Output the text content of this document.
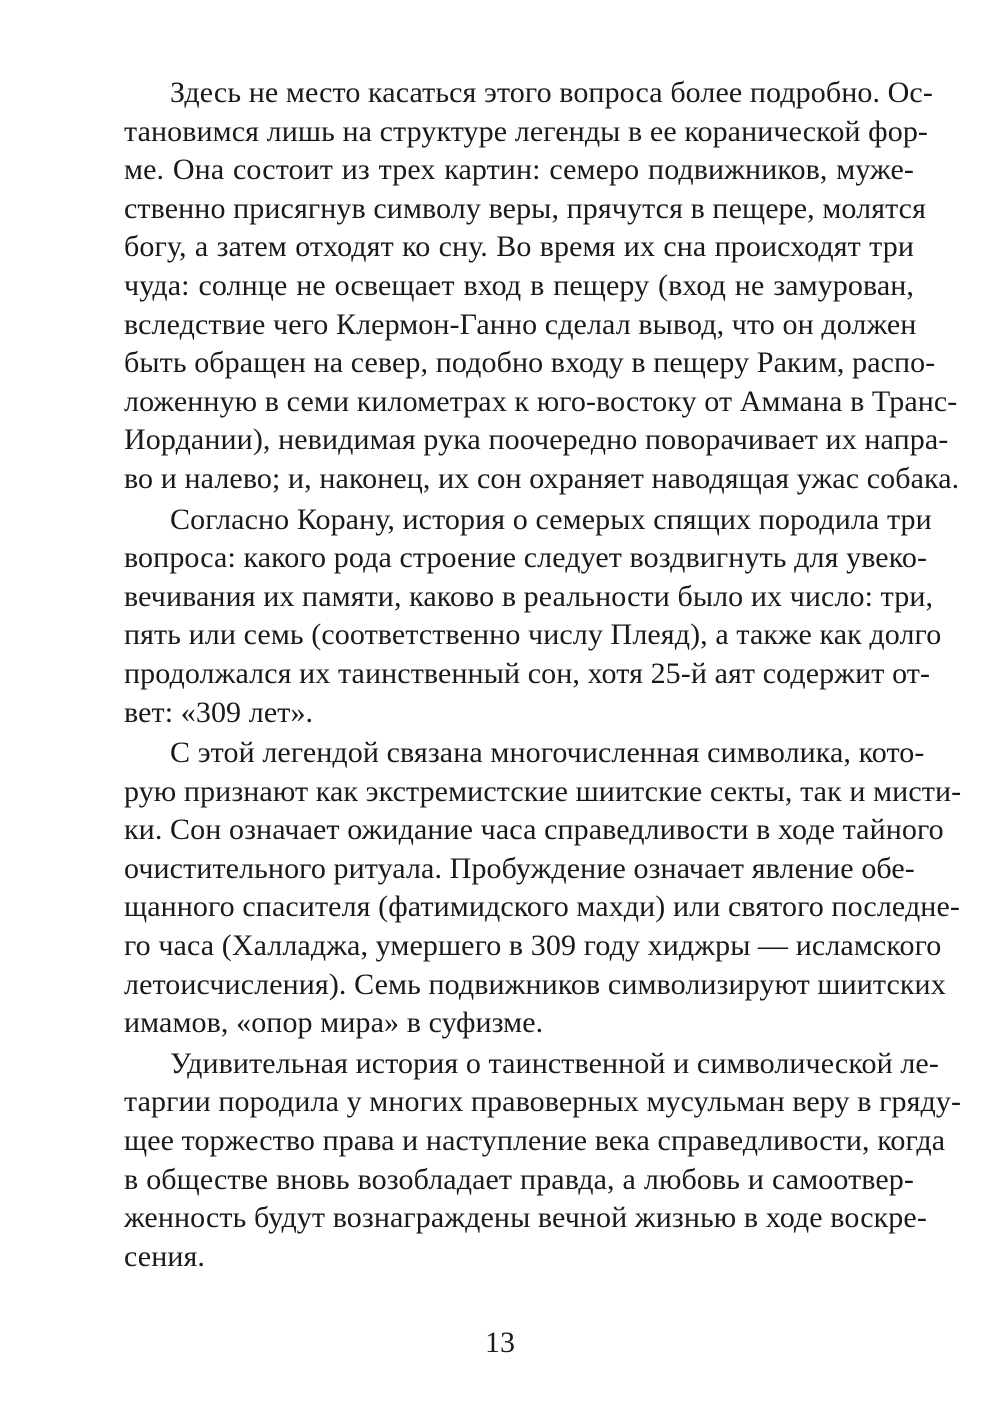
Здесь не место касаться этого вопроса более подробно. Ос-
тановимся лишь на структуре легенды в ее коранической фор-
ме. Она состоит из трех картин: семеро подвижников, муже-
ственно присягнув символу веры, прячутся в пещере, молятся
богу, а затем отходят ко сну. Во время их сна происходят три
чуда: солнце не освещает вход в пещеру (вход не замурован,
вследствие чего Клермон-Ганно сделал вывод, что он должен
быть обращен на север, подобно входу в пещеру Раким, распо-
ложенную в семи километрах к юго-востоку от Аммана в Транс-
Иордании), невидимая рука поочередно поворачивает их напра-
во и налево; и, наконец, их сон охраняет наводящая ужас собака.
Согласно Корану, история о семерых спящих породила три
вопроса: какого рода строение следует воздвигнуть для увеко-
вечивания их памяти, каково в реальности было их число: три,
пять или семь (соответственно числу Плеяд), а также как долго
продолжался их таинственный сон, хотя 25-й аят содержит от-
вет: «309 лет».
С этой легендой связана многочисленная символика, кото-
рую признают как экстремистские шиитские секты, так и мисти-
ки. Сон означает ожидание часа справедливости в ходе тайного
очистительного ритуала. Пробуждение означает явление обе-
щанного спасителя (фатимидского махди) или святого последне-
го часа (Халладжа, умершего в 309 году хиджры — исламского
летоисчисления). Семь подвижников символизируют шиитских
имамов, «опор мира» в суфизме.
Удивительная история о таинственной и символической ле-
таргии породила у многих правоверных мусульман веру в гряду-
щее торжество права и наступление века справедливости, когда
в обществе вновь возобладает правда, а любовь и самоотвер-
женность будут вознаграждены вечной жизнью в ходе воскре-
сения.
13
